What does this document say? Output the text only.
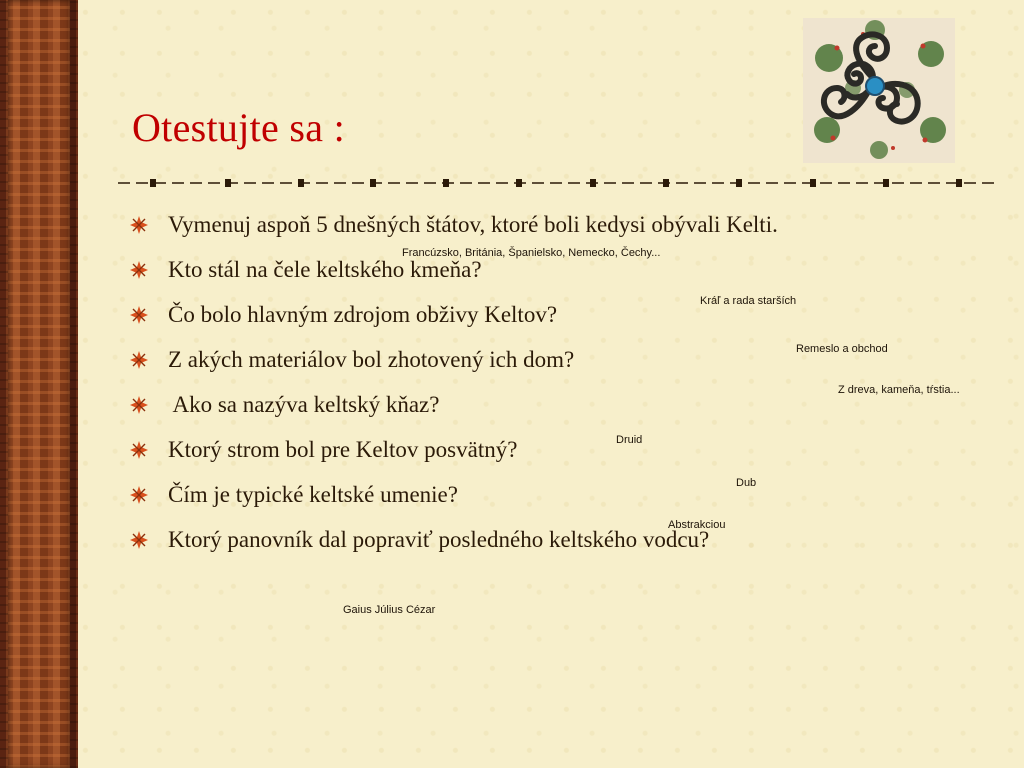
Otestujte sa :
Vymenuj aspoň 5 dnešných štátov, ktoré boli kedysi obývali Kelti.
Kto stál na čele keltského kmeňa?
Čo bolo hlavným zdrojom obživy Keltov?
Z akých materiálov bol zhotovený ich dom?
Ako sa nazýva keltský kňaz?
Ktorý strom bol pre Keltov posvätný?
Čím je typické keltské umenie?
Ktorý panovník dal popraviť posledného keltského vodcu?
Francúzsko, Británia, Španielsko, Nemecko, Čechy...
Kráľ a rada starších
Remeslo a obchod
Z dreva, kameňa, tŕstia...
Druid
Dub
Abstrakciou
Gaius Július Cézar
